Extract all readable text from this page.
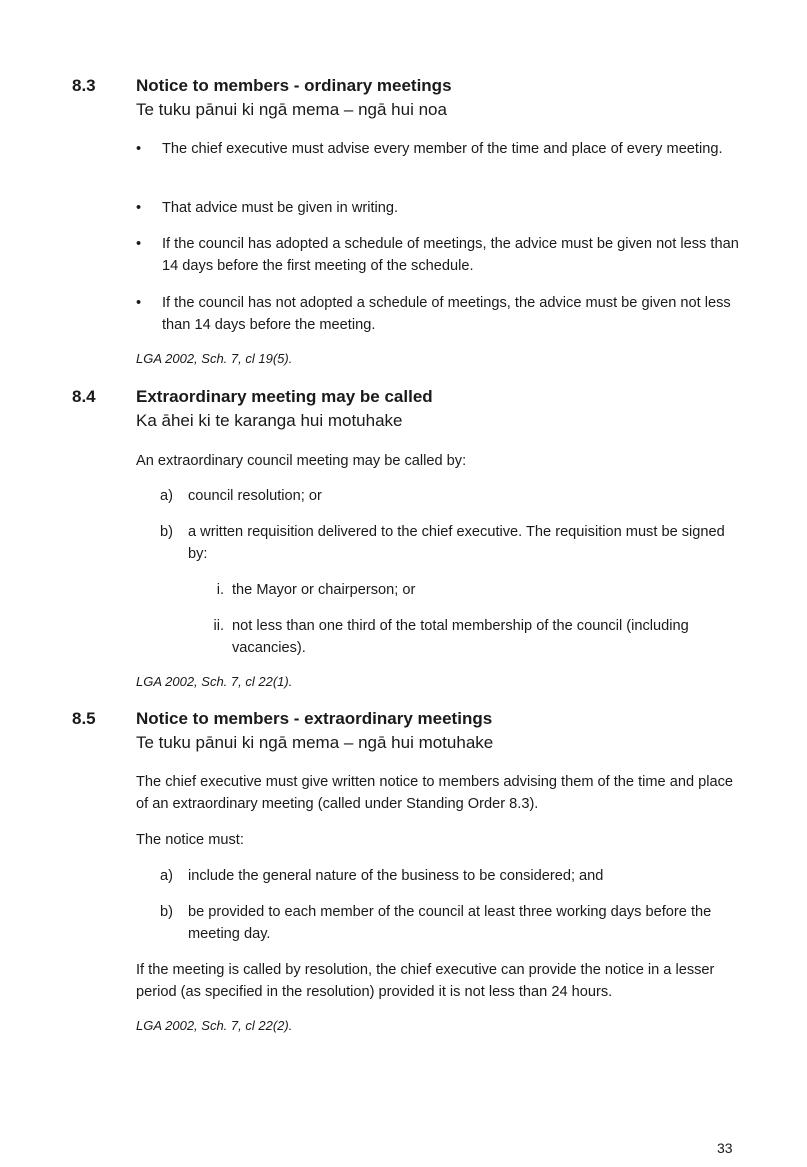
8.3 Notice to members - ordinary meetings
Te tuku pānui ki ngā mema – ngā hui noa
•	The chief executive must advise every member of the time and place of every meeting.
•	That advice must be given in writing.
•	If the council has adopted a schedule of meetings, the advice must be given not less than 14 days before the first meeting of the schedule.
•	If the council has not adopted a schedule of meetings, the advice must be given not less than 14 days before the meeting.
LGA 2002, Sch. 7, cl 19(5).
8.4 Extraordinary meeting may be called
Ka āhei ki te karanga hui motuhake
An extraordinary council meeting may be called by:
a) council resolution; or
b) a written requisition delivered to the chief executive. The requisition must be signed by:
i. the Mayor or chairperson; or
ii. not less than one third of the total membership of the council (including vacancies).
LGA 2002, Sch. 7, cl 22(1).
8.5 Notice to members - extraordinary meetings
Te tuku pānui ki ngā mema – ngā hui motuhake
The chief executive must give written notice to members advising them of the time and place of an extraordinary meeting (called under Standing Order 8.3).
The notice must:
a) include the general nature of the business to be considered; and
b) be provided to each member of the council at least three working days before the meeting day.
If the meeting is called by resolution, the chief executive can provide the notice in a lesser period (as specified in the resolution) provided it is not less than 24 hours.
LGA 2002, Sch. 7, cl 22(2).
33
